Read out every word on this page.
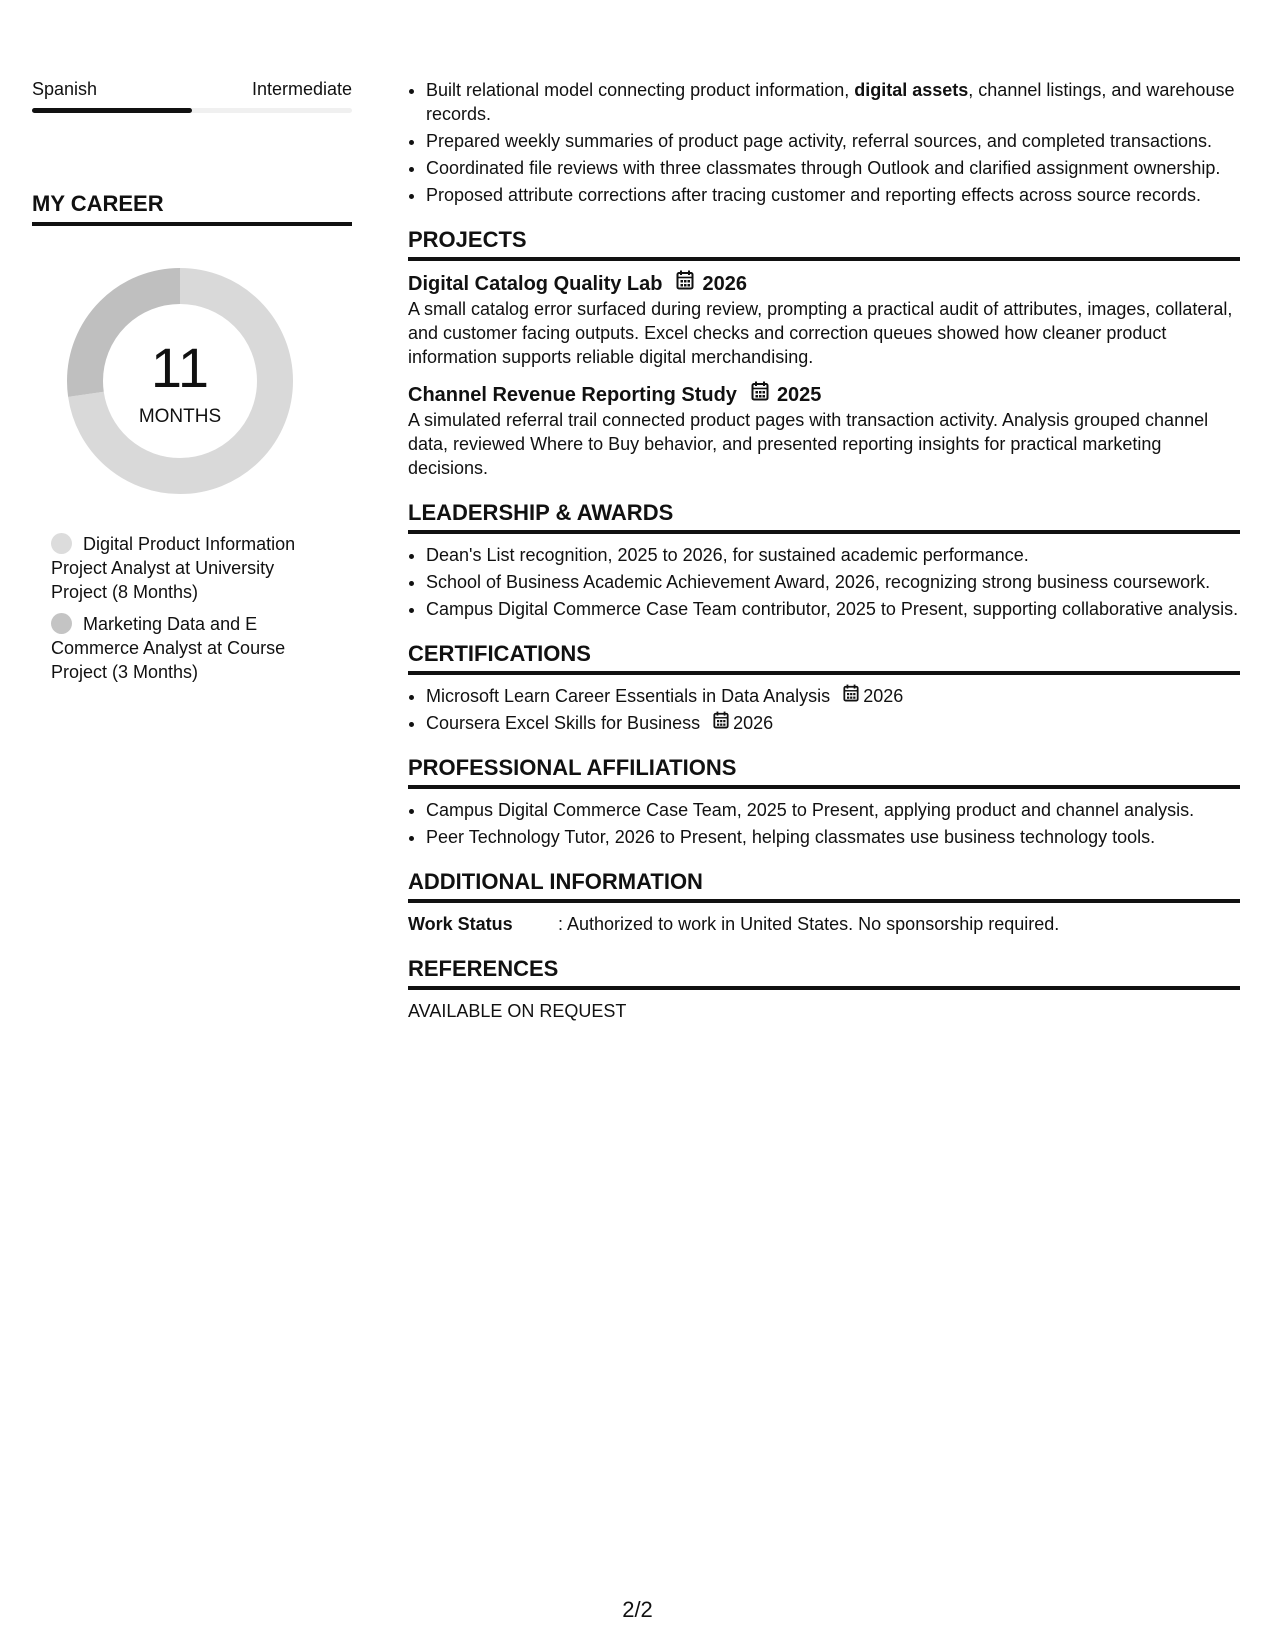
Spanish	Intermediate
MY CAREER
11
MONTHS
Digital Product Information Project Analyst at University Project (8 Months)
Marketing Data and E Commerce Analyst at Course Project (3 Months)
• Built relational model connecting product information, digital assets, channel listings, and warehouse records.
• Prepared weekly summaries of product page activity, referral sources, and completed transactions.
• Coordinated file reviews with three classmates through Outlook and clarified assignment ownership.
• Proposed attribute corrections after tracing customer and reporting effects across source records.
PROJECTS
Digital Catalog Quality Lab 2026
A small catalog error surfaced during review, prompting a practical audit of attributes, images, collateral, and customer facing outputs. Excel checks and correction queues showed how cleaner product information supports reliable digital merchandising.
Channel Revenue Reporting Study 2025
A simulated referral trail connected product pages with transaction activity. Analysis grouped channel data, reviewed Where to Buy behavior, and presented reporting insights for practical marketing decisions.
LEADERSHIP & AWARDS
• Dean's List recognition, 2025 to 2026, for sustained academic performance.
• School of Business Academic Achievement Award, 2026, recognizing strong business coursework.
• Campus Digital Commerce Case Team contributor, 2025 to Present, supporting collaborative analysis.
CERTIFICATIONS
• Microsoft Learn Career Essentials in Data Analysis 2026
• Coursera Excel Skills for Business 2026
PROFESSIONAL AFFILIATIONS
• Campus Digital Commerce Case Team, 2025 to Present, applying product and channel analysis.
• Peer Technology Tutor, 2026 to Present, helping classmates use business technology tools.
ADDITIONAL INFORMATION
Work Status	: Authorized to work in United States. No sponsorship required.
REFERENCES
AVAILABLE ON REQUEST
2/2
